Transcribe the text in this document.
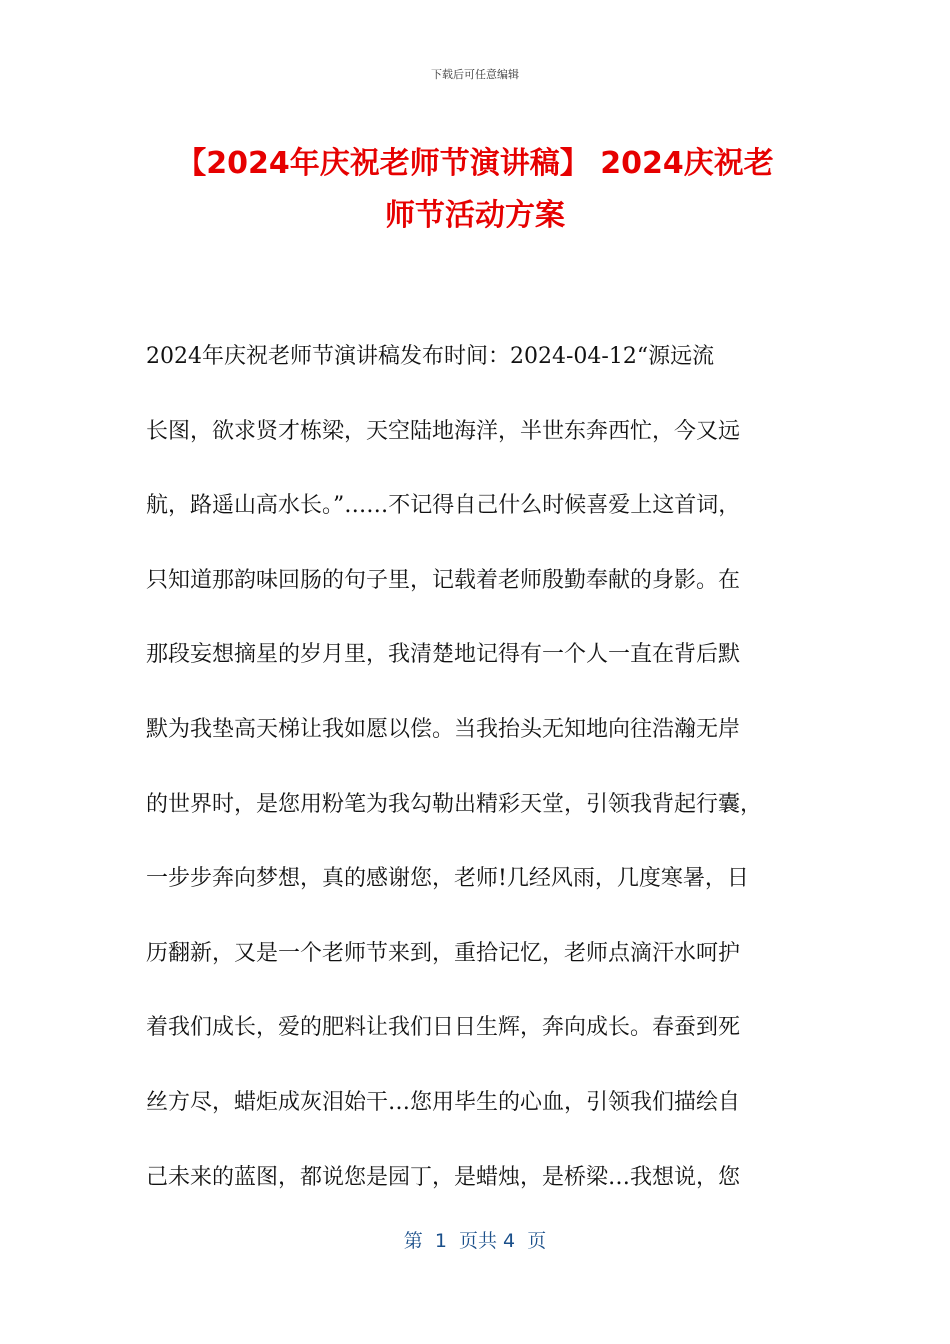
下载后可任意编辑
【2024年庆祝老师节演讲稿】 2024庆祝老
师节活动方案
2024年庆祝老师节演讲稿发布时间：2024-04-12“源远流
长图，欲求贤才栋梁，天空陆地海洋，半世东奔西忙，今又远
航，路遥山高水长。”……不记得自己什么时候喜爱上这首词，
只知道那韵味回肠的句子里，记载着老师殷勤奉献的身影。在
那段妄想摘星的岁月里，我清楚地记得有一个人一直在背后默
默为我垫高天梯让我如愿以偿。当我抬头无知地向往浩瀚无岸
的世界时，是您用粉笔为我勾勒出精彩天堂，引领我背起行囊，
一步步奔向梦想，真的感谢您，老师!几经风雨，几度寒暑，日
历翻新，又是一个老师节来到，重拾记忆，老师点滴汗水呵护
着我们成长，爱的肥料让我们日日生辉，奔向成长。春蚕到死
丝方尽，蜡炬成灰泪始干…您用毕生的心血，引领我们描绘自
己未来的蓝图，都说您是园丁，是蜡烛，是桥梁…我想说，您
第  1  页共 4  页
